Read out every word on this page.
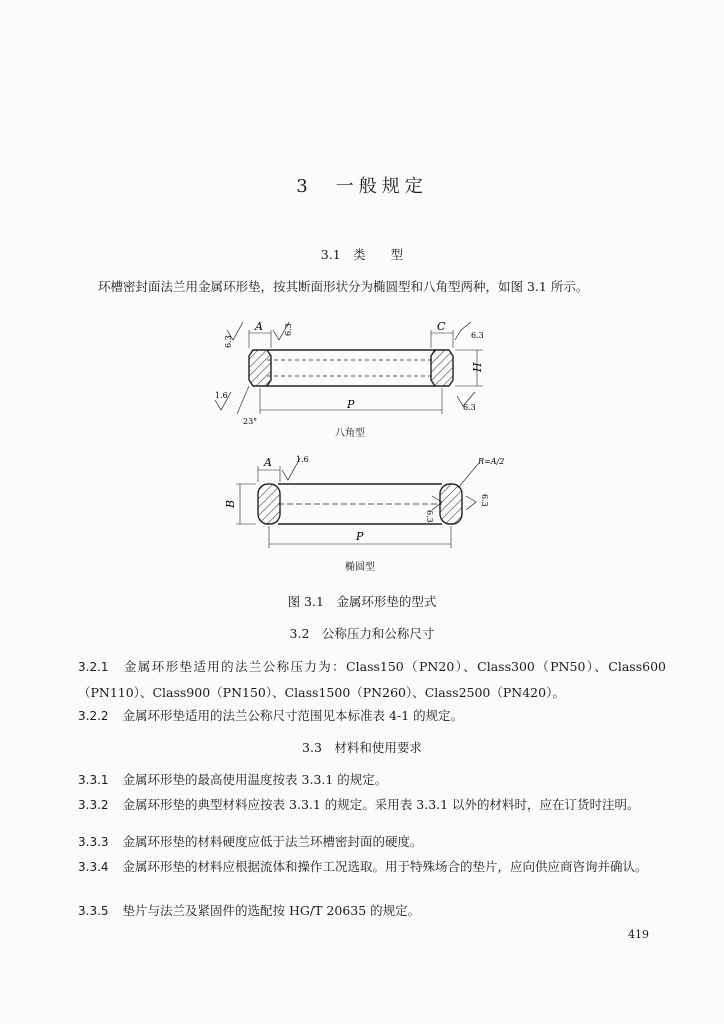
3　一般规定
3.1　类　　型
环槽密封面法兰用金属环形垫，按其断面形状分为椭圆型和八角型两种，如图 3.1 所示。
A	C
H
P
6.3
6.3	6.3
6.3
1.6
23°
八角型
A
B
P
R=A/2
1.6
6.3
6.3
椭圆型
图 3.1　金属环形垫的型式
3.2　公称压力和公称尺寸
3.2.1 金属环形垫适用的法兰公称压力为：Class150（PN20）、Class300（PN50）、Class600（PN110）、Class900（PN150）、Class1500（PN260）、Class2500（PN420）。
3.2.2 金属环形垫适用的法兰公称尺寸范围见本标准表 4-1 的规定。
3.3　材料和使用要求
3.3.1 金属环形垫的最高使用温度按表 3.3.1 的规定。
3.3.2 金属环形垫的典型材料应按表 3.3.1 的规定。采用表 3.3.1 以外的材料时，应在订货时注明。
3.3.3 金属环形垫的材料硬度应低于法兰环槽密封面的硬度。
3.3.4 金属环形垫的材料应根据流体和操作工况选取。用于特殊场合的垫片，应向供应商咨询并确认。
3.3.5 垫片与法兰及紧固件的选配按 HG/T 20635 的规定。
419
